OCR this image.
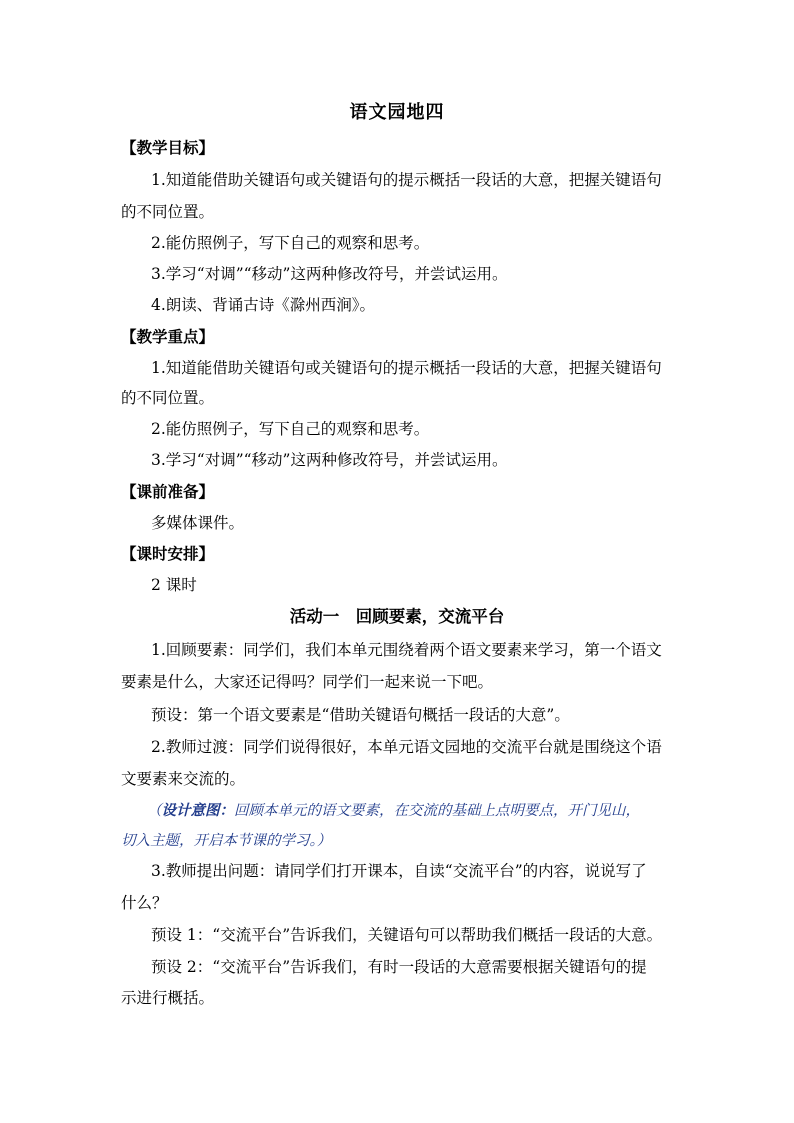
语文园地四
【教学目标】
1.知道能借助关键语句或关键语句的提示概括一段话的大意，把握关键语句
的不同位置。
2.能仿照例子，写下自己的观察和思考。
3.学习“对调”“移动”这两种修改符号，并尝试运用。
4.朗读、背诵古诗《滁州西涧》。
【教学重点】
1.知道能借助关键语句或关键语句的提示概括一段话的大意，把握关键语句
的不同位置。
2.能仿照例子，写下自己的观察和思考。
3.学习“对调”“移动”这两种修改符号，并尝试运用。
【课前准备】
多媒体课件。
【课时安排】
2 课时
活动一　回顾要素，交流平台
1.回顾要素：同学们，我们本单元围绕着两个语文要素来学习，第一个语文
要素是什么，大家还记得吗？同学们一起来说一下吧。
预设：第一个语文要素是“借助关键语句概括一段话的大意”。
2.教师过渡：同学们说得很好，本单元语文园地的交流平台就是围绕这个语
文要素来交流的。
（设计意图：回顾本单元的语文要素，在交流的基础上点明要点，开门见山，
切入主题，开启本节课的学习。）
3.教师提出问题：请同学们打开课本，自读“交流平台”的内容，说说写了
什么？
预设 1：“交流平台”告诉我们，关键语句可以帮助我们概括一段话的大意。
预设 2：“交流平台”告诉我们，有时一段话的大意需要根据关键语句的提
示进行概括。
